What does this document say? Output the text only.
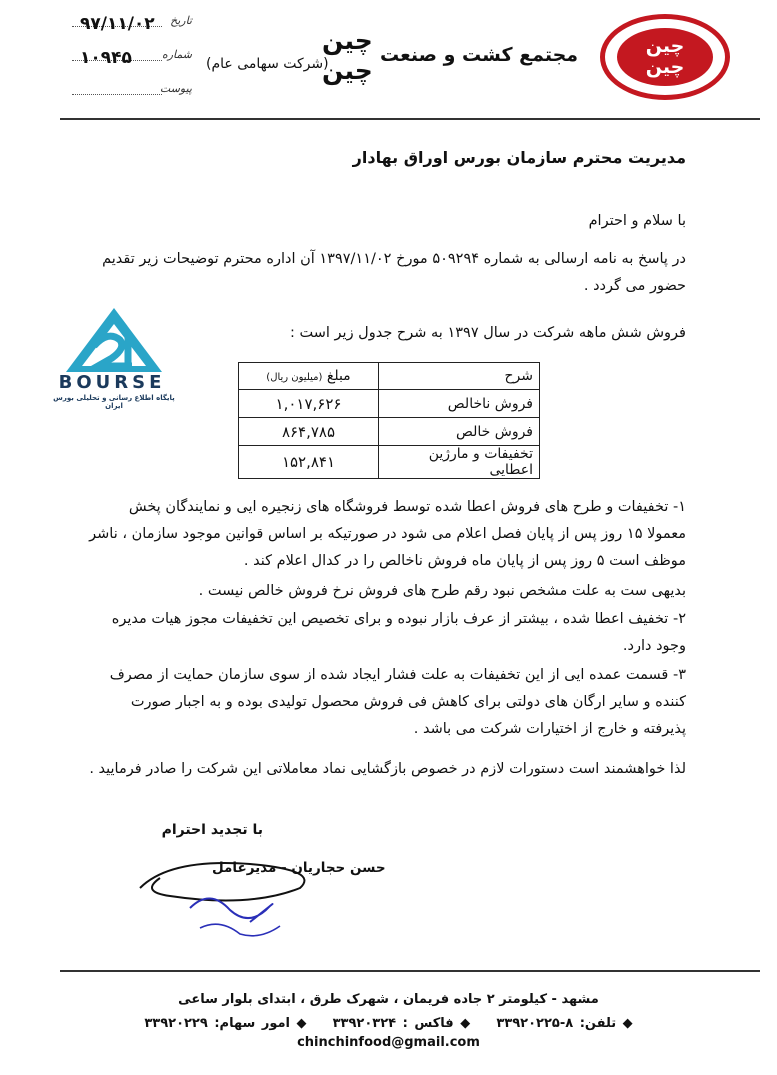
چین
چین
مجتمع کشت و صنعت
چین
چین
(شرکت سهامی عام)
۹۷/۱۱/۰۲ تاریخ
۱۰۹۴۵	شماره
پیوست
مدیریت محترم سازمان بورس اوراق بهادار
با سلام و احترام
در پاسخ به نامه ارسالی به شماره ۵۰۹۲۹۴ مورخ ۱۳۹۷/۱۱/۰۲ آن اداره محترم توضیحات زیر تقدیم حضور می گردد .
فروش شش ماهه شرکت در سال ۱۳۹۷ به شرح جدول زیر است :
BOURSE
پایگاه اطلاع رسانی و تحلیلی بورس ایران
شرح	مبلغ (میلیون ریال)
فروش ناخالص	۱,۰۱۷,۶۲۶
فروش خالص	۸۶۴,۷۸۵
تخفیفات و مارژین اعطایی	۱۵۲,۸۴۱
۱- تخفیفات و طرح های فروش اعطا شده توسط فروشگاه های زنجیره ایی و نمایندگان پخش معمولا ۱۵ روز پس از پایان فصل اعلام می شود در صورتیکه بر اساس قوانین موجود سازمان ، ناشر موظف است ۵ روز پس از پایان ماه فروش ناخالص را در کدال اعلام کند .
بدیهی ست به علت مشخص نبود رقم طرح های فروش نرخ فروش خالص نیست .
۲- تخفیف اعطا شده ، بیشتر از عرف بازار نبوده و برای تخصیص این تخفیفات مجوز هیات مدیره وجود دارد.
۳- قسمت عمده ایی از این تخفیفات به علت فشار ایجاد شده از سوی سازمان حمایت از مصرف کننده و سایر ارگان های دولتی برای کاهش فی فروش محصول تولیدی بوده و به اجبار صورت پذیرفته و خارج از اختیارات شرکت می باشد .
لذا خواهشمند است دستورات لازم در خصوص بازگشایی نماد معاملاتی این شرکت را صادر فرمایید .
با تجدید احترام
حسن حجاریان - مدیرعامل
مشهد - کیلومتر ۲ جاده فریمان ، شهرک طرق ، ابتدای بلوار ساعی
◆ تلفن: ۸-۳۳۹۲۰۲۲۵    ◆ فاکس : ۳۳۹۲۰۳۲۴    ◆ امور سهام: ۳۳۹۲۰۲۲۹
chinchinfood@gmail.com
